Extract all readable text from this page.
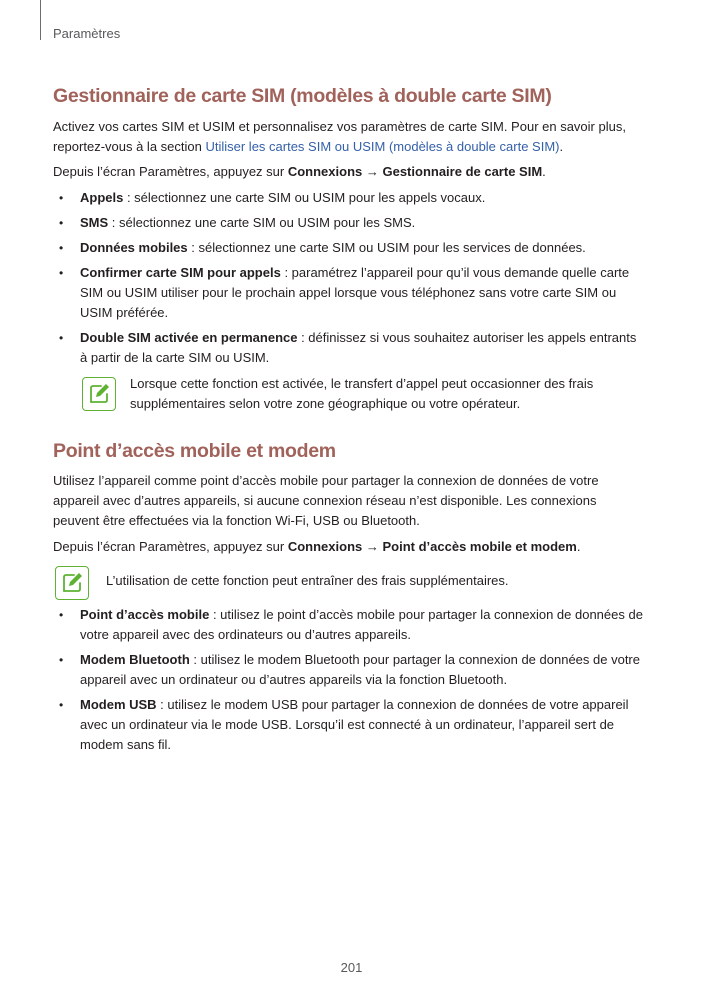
Paramètres
Gestionnaire de carte SIM (modèles à double carte SIM)

Activez vos cartes SIM et USIM et personnalisez vos paramètres de carte SIM. Pour en savoir plus, reportez-vous à la section Utiliser les cartes SIM ou USIM (modèles à double carte SIM).

Depuis l’écran Paramètres, appuyez sur Connexions → Gestionnaire de carte SIM.

• Appels : sélectionnez une carte SIM ou USIM pour les appels vocaux.
• SMS : sélectionnez une carte SIM ou USIM pour les SMS.
• Données mobiles : sélectionnez une carte SIM ou USIM pour les services de données.
• Confirmer carte SIM pour appels : paramétrez l’appareil pour qu’il vous demande quelle carte SIM ou USIM utiliser pour le prochain appel lorsque vous téléphonez sans votre carte SIM ou USIM préférée.
• Double SIM activée en permanence : définissez si vous souhaitez autoriser les appels entrants à partir de la carte SIM ou USIM.
Lorsque cette fonction est activée, le transfert d’appel peut occasionner des frais supplémentaires selon votre zone géographique ou votre opérateur.
Point d’accès mobile et modem

Utilisez l’appareil comme point d’accès mobile pour partager la connexion de données de votre appareil avec d’autres appareils, si aucune connexion réseau n’est disponible. Les connexions peuvent être effectuées via la fonction Wi-Fi, USB ou Bluetooth.

Depuis l’écran Paramètres, appuyez sur Connexions → Point d’accès mobile et modem.

L’utilisation de cette fonction peut entraîner des frais supplémentaires.
• Point d’accès mobile : utilisez le point d’accès mobile pour partager la connexion de données de votre appareil avec des ordinateurs ou d’autres appareils.
• Modem Bluetooth : utilisez le modem Bluetooth pour partager la connexion de données de votre appareil avec un ordinateur ou d’autres appareils via la fonction Bluetooth.
• Modem USB : utilisez le modem USB pour partager la connexion de données de votre appareil avec un ordinateur via le mode USB. Lorsqu’il est connecté à un ordinateur, l’appareil sert de modem sans fil.
201
